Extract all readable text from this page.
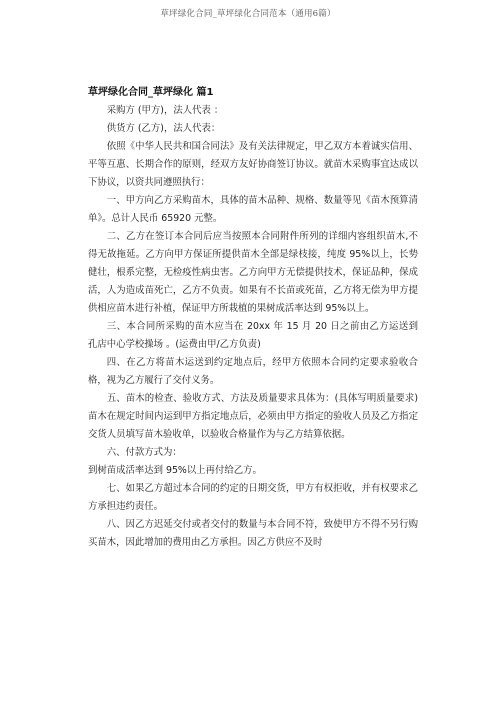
草坪绿化合同_草坪绿化合同范本（通用6篇）

草坪绿化合同_草坪绿化 篇1

采购方 (甲方)，法人代表 ：

供货方 (乙方)，法人代表：

依照《中华人民共和国合同法》及有关法律规定，甲乙双方本着诚实信用、平等互惠、长期合作的原则，经双方友好协商签订协议。就苗木采购事宜达成以下协议，以资共同遵照执行：

一、甲方向乙方采购苗木，具体的苗木品种、规格、数量等见《苗木预算清单》。总计人民币 65920 元整。

二、乙方在签订本合同后应当按照本合同附件所列的详细内容组织苗木,不得无故拖延。乙方向甲方保证所提供苗木全部是绿枝接，纯度 95%以上，长势健壮，根系完整，无检疫性病虫害。乙方向甲方无偿提供技术，保证品种，保成活，人为造成苗死亡，乙方不负责。如果有不长苗或死苗，乙方将无偿为甲方提供相应苗木进行补植，保证甲方所栽植的果树成活率达到 95%以上。

三、本合同所采购的苗木应当在 20xx 年 15 月 20 日之前由乙方运送到 孔店中心学校操场 。(运费由甲/乙方负责)

四、在乙方将苗木运送到约定地点后，经甲方依照本合同约定要求验收合格，视为乙方履行了交付义务。

五、苗木的检查、验收方式、方法及质量要求具体为：(具体写明质量要求)苗木在规定时间内运到甲方指定地点后，必须由甲方指定的验收人员及乙方指定交货人员填写苗木验收单，以验收合格量作为与乙方结算依据。

六、付款方式为：

到树苗成活率达到 95%以上再付给乙方。

七、如果乙方超过本合同的约定的日期交货，甲方有权拒收，并有权要求乙方承担违约责任。

八、因乙方迟延交付或者交付的数量与本合同不符，致使甲方不得不另行购买苗木，因此增加的费用由乙方承担。因乙方供应不及时
